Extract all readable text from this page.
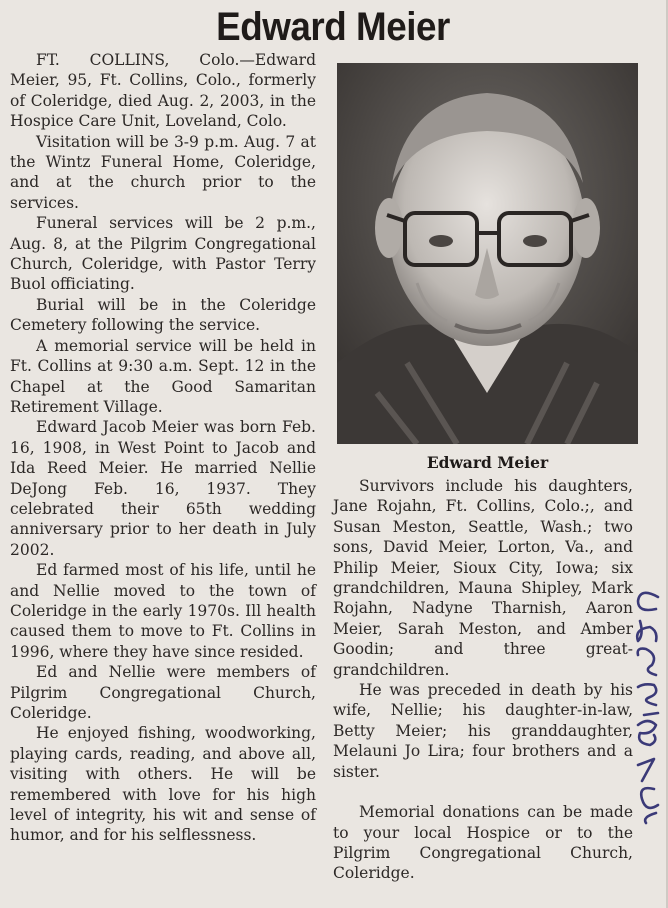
Edward Meier

FT. COLLINS, Colo.—Edward Meier, 95, Ft. Collins, Colo., formerly of Coleridge, died Aug. 2, 2003, in the Hospice Care Unit, Loveland, Colo.

Visitation will be 3-9 p.m. Aug. 7 at the Wintz Funeral Home, Coleridge, and at the church prior to the services.

Funeral services will be 2 p.m., Aug. 8, at the Pilgrim Congregational Church, Coleridge, with Pastor Terry Buol officiating.

Burial will be in the Coleridge Cemetery following the service.

A memorial service will be held in Ft. Collins at 9:30 a.m. Sept. 12 in the Chapel at the Good Samaritan Retirement Village.

Edward Jacob Meier was born Feb. 16, 1908, in West Point to Jacob and Ida Reed Meier. He married Nellie DeJong Feb. 16, 1937. They celebrated their 65th wedding anniversary prior to her death in July 2002.

Ed farmed most of his life, until he and Nellie moved to the town of Coleridge in the early 1970s. Ill health caused them to move to Ft. Collins in 1996, where they have since resided.

Ed and Nellie were members of Pilgrim Congregational Church, Coleridge.

He enjoyed fishing, woodworking, playing cards, reading, and above all, visiting with others. He will be remembered with love for his high level of integrity, his wit and sense of humor, and for his selflessness.

Edward Meier

Survivors include his daughters, Jane Rojahn, Ft. Collins, Colo.;, and Susan Meston, Seattle, Wash.; two sons, David Meier, Lorton, Va., and Philip Meier, Sioux City, Iowa; six grandchildren, Mauna Shipley, Mark Rojahn, Nadyne Tharnish, Aaron Meier, Sarah Meston, and Amber Goodin; and three great-grandchildren.

He was preceded in death by his wife, Nellie; his daughter-in-law, Betty Meier; his granddaughter, Melauni Jo Lira; four brothers and a sister.

Memorial donations can be made to your local Hospice or to the Pilgrim Congregational Church, Coleridge.
